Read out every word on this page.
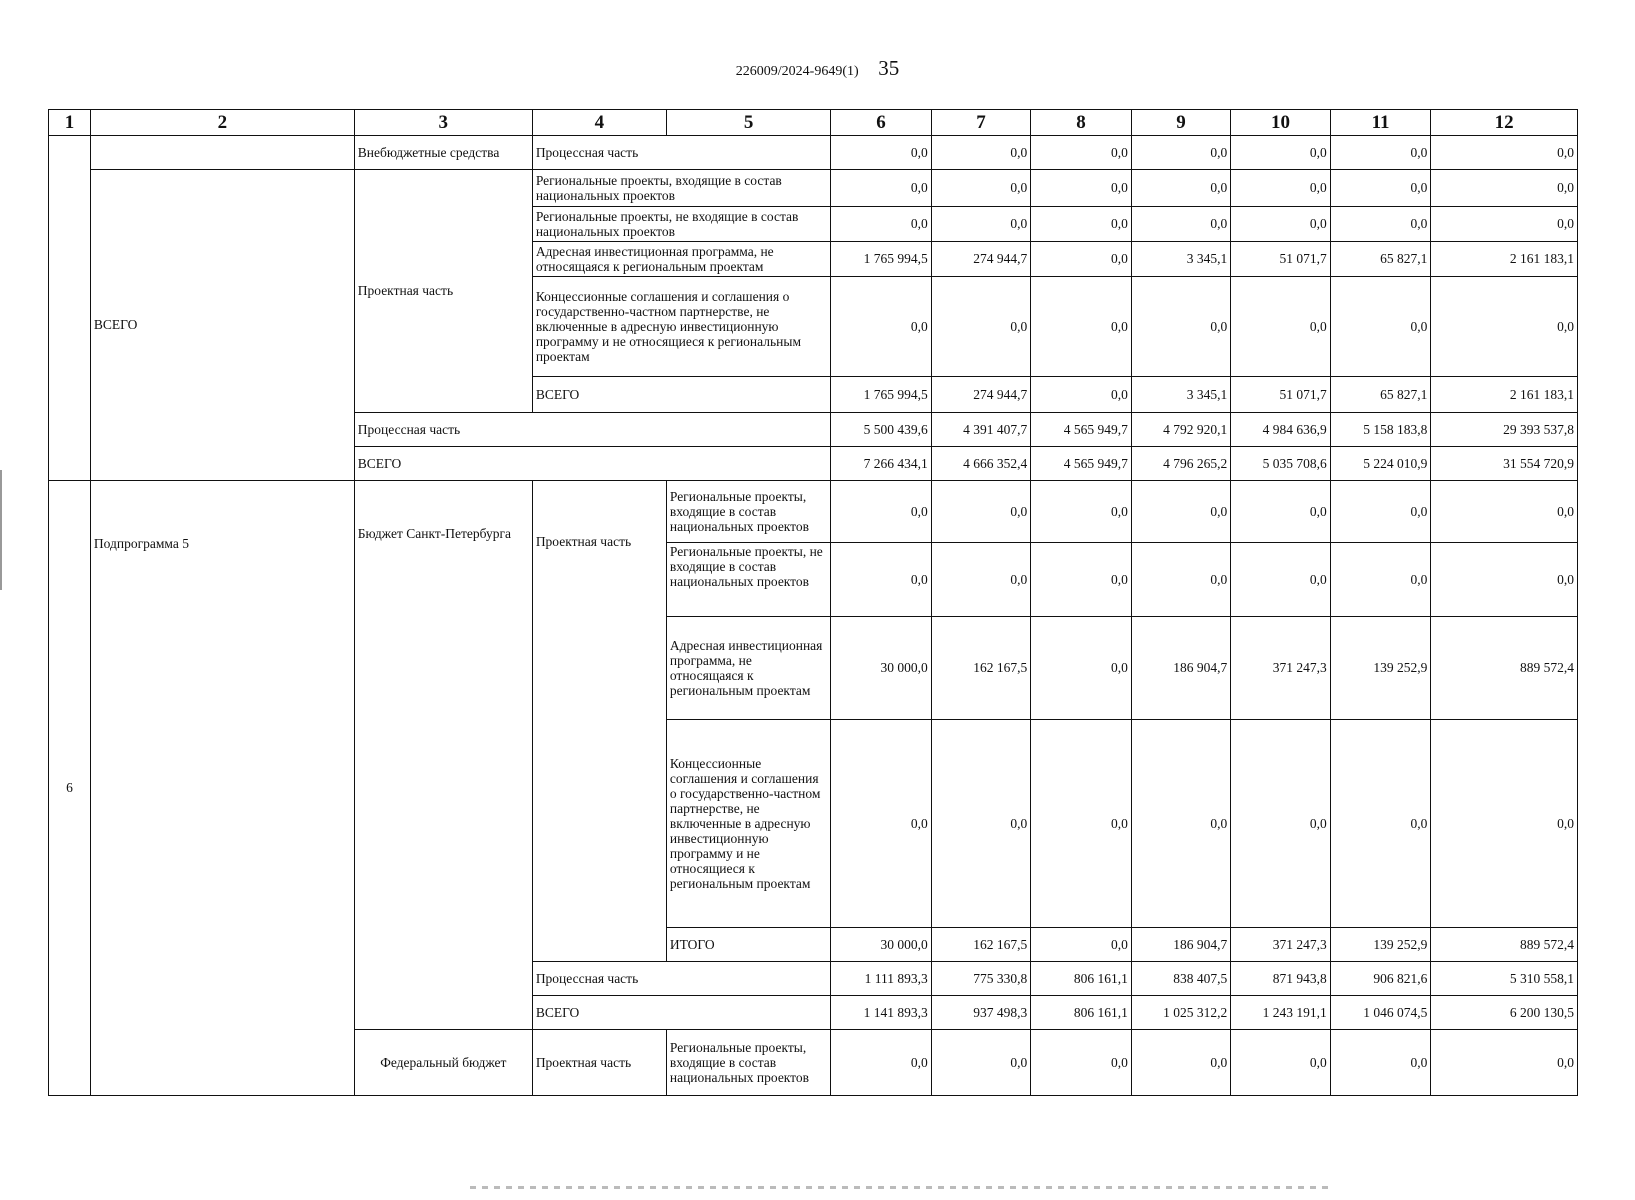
226009/2024-9649(1) 35
1	2	3	4	5	6	7	8	9	10	11	12
		Внебюджетные средства	Процессная часть		0,0	0,0	0,0	0,0	0,0	0,0	0,0
	ВСЕГО	Проектная часть	Региональные проекты, входящие в состав национальных проектов		0,0	0,0	0,0	0,0	0,0	0,0	0,0
			Региональные проекты, не входящие в состав национальных проектов		0,0	0,0	0,0	0,0	0,0	0,0	0,0
			Адресная инвестиционная программа, не относящаяся к региональным проектам		1 765 994,5	274 944,7	0,0	3 345,1	51 071,7	65 827,1	2 161 183,1
			Концессионные соглашения и соглашения о государственно-частном партнерстве, не включенные в адресную инвестиционную программу и не относящиеся к региональным проектам		0,0	0,0	0,0	0,0	0,0	0,0	0,0
			ВСЕГО		1 765 994,5	274 944,7	0,0	3 345,1	51 071,7	65 827,1	2 161 183,1
		Процессная часть			5 500 439,6	4 391 407,7	4 565 949,7	4 792 920,1	4 984 636,9	5 158 183,8	29 393 537,8
		ВСЕГО			7 266 434,1	4 666 352,4	4 565 949,7	4 796 265,2	5 035 708,6	5 224 010,9	31 554 720,9

6	Подпрограмма 5	Бюджет Санкт-Петербурга	Проектная часть	Региональные проекты, входящие в состав национальных проектов	0,0	0,0	0,0	0,0	0,0	0,0	0,0
				Региональные проекты, не входящие в состав национальных проектов	0,0	0,0	0,0	0,0	0,0	0,0	0,0
				Адресная инвестиционная программа, не относящаяся к региональным проектам	30 000,0	162 167,5	0,0	186 904,7	371 247,3	139 252,9	889 572,4
				Концессионные соглашения и соглашения о государственно-частном партнерстве, не включенные в адресную инвестиционную программу и не относящиеся к региональным проектам	0,0	0,0	0,0	0,0	0,0	0,0	0,0
				ИТОГО	30 000,0	162 167,5	0,0	186 904,7	371 247,3	139 252,9	889 572,4

			Процессная часть		1 111 893,3	775 330,8	806 161,1	838 407,5	871 943,8	906 821,6	5 310 558,1
			ВСЕГО		1 141 893,3	937 498,3	806 161,1	1 025 312,2	1 243 191,1	1 046 074,5	6 200 130,5
		Федеральный бюджет	Проектная часть	Региональные проекты, входящие в состав национальных проектов	0,0	0,0	0,0	0,0	0,0	0,0	0,0
